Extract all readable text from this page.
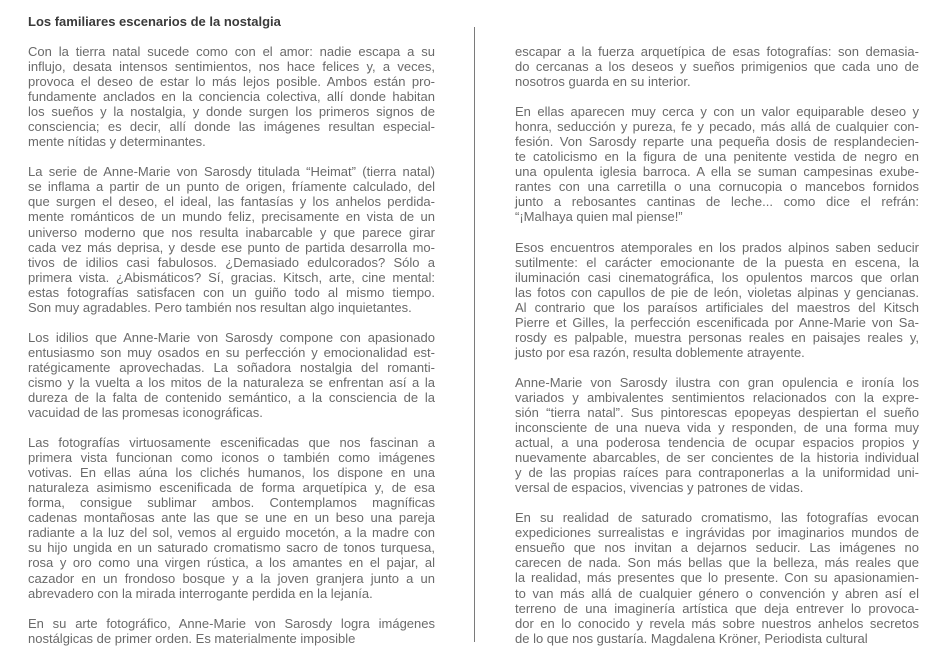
Los familiares escenarios de la nostalgia

Con la tierra natal sucede como con el amor: nadie escapa a su
influjo, desata intensos sentimientos, nos hace felices y, a veces,
provoca el deseo de estar lo más lejos posible. Ambos están pro-
fundamente anclados en la conciencia colectiva, allí donde habitan
los sueños y la nostalgia, y donde surgen los primeros signos de
consciencia; es decir, allí donde las imágenes resultan especial-
mente nítidas y determinantes.

La serie de Anne-Marie von Sarosdy titulada “Heimat” (tierra natal)
se inflama a partir de un punto de origen, fríamente calculado, del
que surgen el deseo, el ideal, las fantasías y los anhelos perdida-
mente románticos de un mundo feliz, precisamente en vista de un
universo moderno que nos resulta inabarcable y que parece girar
cada vez más deprisa, y desde ese punto de partida desarrolla mo-
tivos de idilios casi fabulosos. ¿Demasiado edulcorados? Sólo a
primera vista. ¿Abismáticos? Sí, gracias. Kitsch, arte, cine mental:
estas fotografías satisfacen con un guiño todo al mismo tiempo.
Son muy agradables. Pero también nos resultan algo inquietantes.

Los idilios que Anne-Marie von Sarosdy compone con apasionado
entusiasmo son muy osados en su perfección y emocionalidad est-
ratégicamente aprovechadas. La soñadora nostalgia del romanti-
cismo y la vuelta a los mitos de la naturaleza se enfrentan así a la
dureza de la falta de contenido semántico, a la consciencia de la
vacuidad de las promesas iconográficas.

Las fotografías virtuosamente escenificadas que nos fascinan a
primera vista funcionan como iconos o también como imágenes
votivas. En ellas aúna los clichés humanos, los dispone en una
naturaleza asimismo escenificada de forma arquetípica y, de esa
forma, consigue sublimar ambos. Contemplamos magníficas
cadenas montañosas ante las que se une en un beso una pareja
radiante a la luz del sol, vemos al erguido mocetón, a la madre con
su hijo ungida en un saturado cromatismo sacro de tonos turquesa,
rosa y oro como una virgen rústica, a los amantes en el pajar, al
cazador en un frondoso bosque y a la joven granjera junto a un
abrevadero con la mirada interrogante perdida en la lejanía.

En su arte fotográfico, Anne-Marie von Sarosdy logra imágenes
nostálgicas de primer orden. Es materialmente imposible

escapar a la fuerza arquetípica de esas fotografías: son demasia-
do cercanas a los deseos y sueños primigenios que cada uno de
nosotros guarda en su interior.

En ellas aparecen muy cerca y con un valor equiparable deseo y
honra, seducción y pureza, fe y pecado, más allá de cualquier con-
fesión. Von Sarosdy reparte una pequeña dosis de resplandecien-
te catolicismo en la figura de una penitente vestida de negro en
una opulenta iglesia barroca. A ella se suman campesinas exube-
rantes con una carretilla o una cornucopia o mancebos fornidos
junto a rebosantes cantinas de leche... como dice el refrán:
“¡Malhaya quien mal piense!”

Esos encuentros atemporales en los prados alpinos saben seducir
sutilmente: el carácter emocionante de la puesta en escena, la
iluminación casi cinematográfica, los opulentos marcos que orlan
las fotos con capullos de pie de león, violetas alpinas y gencianas.
Al contrario que los paraísos artificiales del maestros del Kitsch
Pierre et Gilles, la perfección escenificada por Anne-Marie von Sa-
rosdy es palpable, muestra personas reales en paisajes reales y,
justo por esa razón, resulta doblemente atrayente.

Anne-Marie von Sarosdy ilustra con gran opulencia e ironía los
variados y ambivalentes sentimientos relacionados con la expre-
sión “tierra natal”. Sus pintorescas epopeyas despiertan el sueño
inconsciente de una nueva vida y responden, de una forma muy
actual, a una poderosa tendencia de ocupar espacios propios y
nuevamente abarcables, de ser concientes de la historia individual
y de las propias raíces para contraponerlas a la uniformidad uni-
versal de espacios, vivencias y patrones de vidas.

En su realidad de saturado cromatismo, las fotografías evocan
expediciones surrealistas e ingrávidas por imaginarios mundos de
ensueño que nos invitan a dejarnos seducir. Las imágenes no
carecen de nada. Son más bellas que la belleza, más reales que
la realidad, más presentes que lo presente. Con su apasionamien-
to van más allá de cualquier género o convención y abren así el
terreno de una imaginería artística que deja entrever lo provoca-
dor en lo conocido y revela más sobre nuestros anhelos secretos
de lo que nos gustaría. Magdalena Kröner, Periodista cultural
